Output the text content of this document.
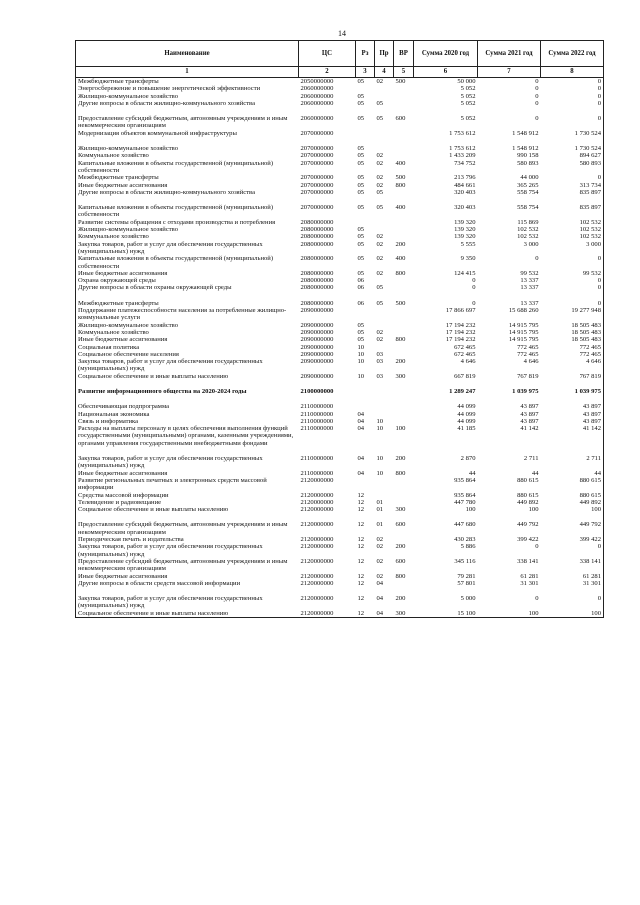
14
Наименование	ЦС	Рз	Пр	ВР	Сумма 2020 год	Сумма 2021 год	Сумма 2022 год
1	2	3	4	5	6	7	8
Межбюджетные трансферты	2050000000	05	02	500	50 000	0	0
Энергосбережение и повышение энергетической эффективности	2060000000				5 052	0	0
Жилищно-коммунальное хозяйство	2060000000	05			5 052	0	0
Другие вопросы в области жилищно-коммунального хозяйства	2060000000	05	05		5 052	0	0
Предоставление субсидий бюджетным, автономным учреждениям и иным некоммерческим организациям	2060000000	05	05	600	5 052	0	0
Модернизация объектов коммунальной инфраструктуры	2070000000				1 753 612	1 548 912	1 730 524
Жилищно-коммунальное хозяйство	2070000000	05			1 753 612	1 548 912	1 730 524
Коммунальное хозяйство	2070000000	05	02		1 433 209	990 158	894 627
Капитальные вложения в объекты государственной (муниципальной) собственности	2070000000	05	02	400	734 752	580 893	580 893
Межбюджетные трансферты	2070000000	05	02	500	213 796	44 000	0
Иные бюджетные ассигнования	2070000000	05	02	800	484 661	365 265	313 734
Другие вопросы в области жилищно-коммунального хозяйства	2070000000	05	05		320 403	558 754	835 897
Капитальные вложения в объекты государственной (муниципальной) собственности	2070000000	05	05	400	320 403	558 754	835 897
Развитие системы обращения с отходами производства и потребления	2080000000				139 320	115 869	102 532
Жилищно-коммунальное хозяйство	2080000000	05			139 320	102 532	102 532
Коммунальное хозяйство	2080000000	05	02		139 320	102 532	102 532
Закупка товаров, работ и услуг для обеспечения государственных (муниципальных) нужд	2080000000	05	02	200	5 555	3 000	3 000
Капитальные вложения в объекты государственной (муниципальной) собственности	2080000000	05	02	400	9 350	0	0
Иные бюджетные ассигнования	2080000000	05	02	800	124 415	99 532	99 532
Охрана окружающей среды	2080000000	06			0	13 337	0
Другие вопросы в области охраны окружающей среды	2080000000	06	05		0	13 337	0
Межбюджетные трансферты	2080000000	06	05	500	0	13 337	0
Поддержание платежеспособности населения за потребленные жилищно-коммунальные услуги	2090000000				17 866 697	15 688 260	19 277 948
Жилищно-коммунальное хозяйство	2090000000	05			17 194 232	14 915 795	18 505 483
Коммунальное хозяйство	2090000000	05	02		17 194 232	14 915 795	18 505 483
Иные бюджетные ассигнования	2090000000	05	02	800	17 194 232	14 915 795	18 505 483
Социальная политика	2090000000	10			672 465	772 465	772 465
Социальное обеспечение населения	2090000000	10	03		672 465	772 465	772 465
Закупка товаров, работ и услуг для обеспечения государственных (муниципальных) нужд	2090000000	10	03	200	4 646	4 646	4 646
Социальное обеспечение и иные выплаты населению	2090000000	10	03	300	667 819	767 819	767 819
Развитие информационного общества на 2020-2024 годы	2100000000				1 289 247	1 039 975	1 039 975
Обеспечивающая подпрограмма	2110000000				44 099	43 897	43 897
Национальная экономика	2110000000	04			44 099	43 897	43 897
Связь и информатика	2110000000	04	10		44 099	43 897	43 897
Расходы на выплаты персоналу в целях обеспечения выполнения функций государственными (муниципальными) органами, казенными учреждениями, органами управления государственными внебюджетными фондами	2110000000	04	10	100	41 185	41 142	41 142
Закупка товаров, работ и услуг для обеспечения государственных (муниципальных) нужд	2110000000	04	10	200	2 870	2 711	2 711
Иные бюджетные ассигнования	2110000000	04	10	800	44	44	44
Развитие региональных печатных и электронных средств массовой информации	2120000000				935 864	880 615	880 615
Средства массовой информации	2120000000	12			935 864	880 615	880 615
Телевидение и радиовещание	2120000000	12	01		447 780	449 892	449 892
Социальное обеспечение и иные выплаты населению	2120000000	12	01	300	100	100	100
Предоставление субсидий бюджетным, автономным учреждениям и иным некоммерческим организациям	2120000000	12	01	600	447 680	449 792	449 792
Периодическая печать и издательства	2120000000	12	02		430 283	399 422	399 422
Закупка товаров, работ и услуг для обеспечения государственных (муниципальных) нужд	2120000000	12	02	200	5 886	0	0
Предоставление субсидий бюджетным, автономным учреждениям и иным некоммерческим организациям	2120000000	12	02	600	345 116	338 141	338 141
Иные бюджетные ассигнования	2120000000	12	02	800	79 281	61 281	61 281
Другие вопросы в области средств массовой информации	2120000000	12	04		57 801	31 301	31 301
Закупка товаров, работ и услуг для обеспечения государственных (муниципальных) нужд	2120000000	12	04	200	5 000	0	0
Социальное обеспечение и иные выплаты населению	2120000000	12	04	300	15 100	100	100
